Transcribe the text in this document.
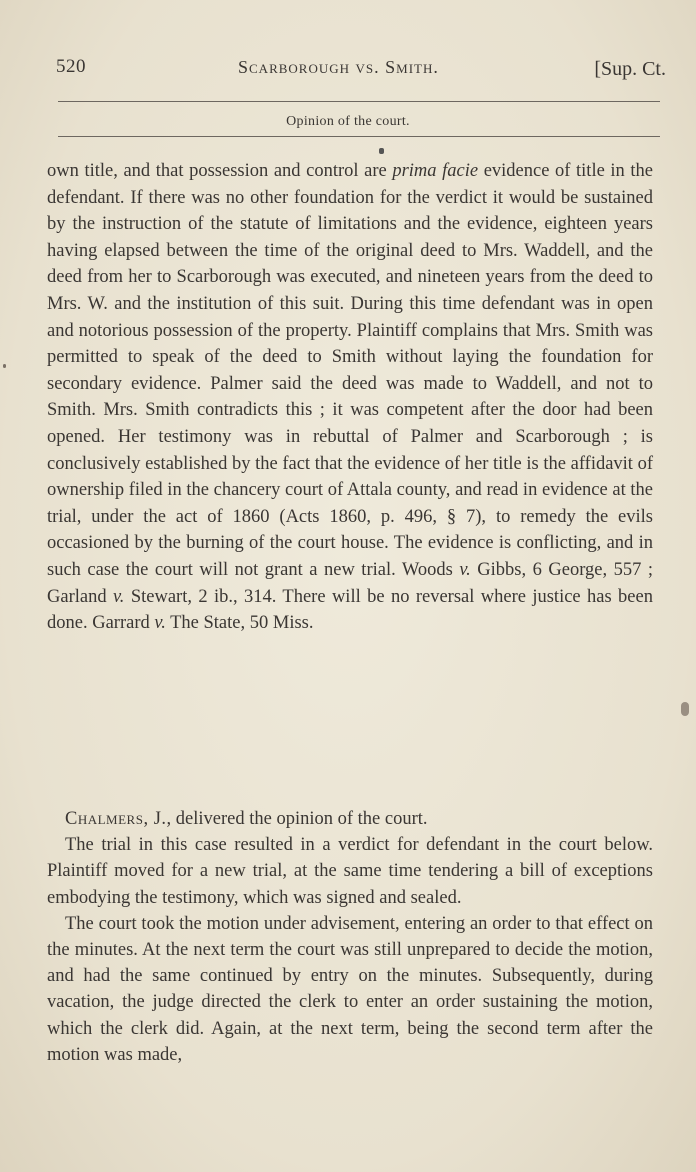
520	Scarborough vs. Smith.	[Sup. Ct.
Opinion of the court.

own title, and that possession and control are prima facie evidence of title in the defendant. If there was no other foundation for the verdict it would be sustained by the instruction of the statute of limitations and the evidence, eighteen years having elapsed between the time of the original deed to Mrs. Waddell, and the deed from her to Scarborough was executed, and nineteen years from the deed to Mrs. W. and the institution of this suit. During this time defendant was in open and notorious possession of the property. Plaintiff complains that Mrs. Smith was permitted to speak of the deed to Smith without laying the foundation for secondary evidence. Palmer said the deed was made to Waddell, and not to Smith. Mrs. Smith contradicts this ; it was competent after the door had been opened. Her testimony was in rebuttal of Palmer and Scarborough ; is conclusively established by the fact that the evidence of her title is the affidavit of ownership filed in the chancery court of Attala county, and read in evidence at the trial, under the act of 1860 (Acts 1860, p. 496, § 7), to remedy the evils occasioned by the burning of the court house. The evidence is conflicting, and in such case the court will not grant a new trial. Woods v. Gibbs, 6 George, 557 ; Garland v. Stewart, 2 ib., 314. There will be no reversal where justice has been done. Garrard v. The State, 50 Miss.

Chalmers, J., delivered the opinion of the court.

The trial in this case resulted in a verdict for defendant in the court below. Plaintiff moved for a new trial, at the same time tendering a bill of exceptions embodying the testimony, which was signed and sealed.

The court took the motion under advisement, entering an order to that effect on the minutes. At the next term the court was still unprepared to decide the motion, and had the same continued by entry on the minutes. Subsequently, during vacation, the judge directed the clerk to enter an order sustaining the motion, which the clerk did. Again, at the next term, being the second term after the motion was made,
